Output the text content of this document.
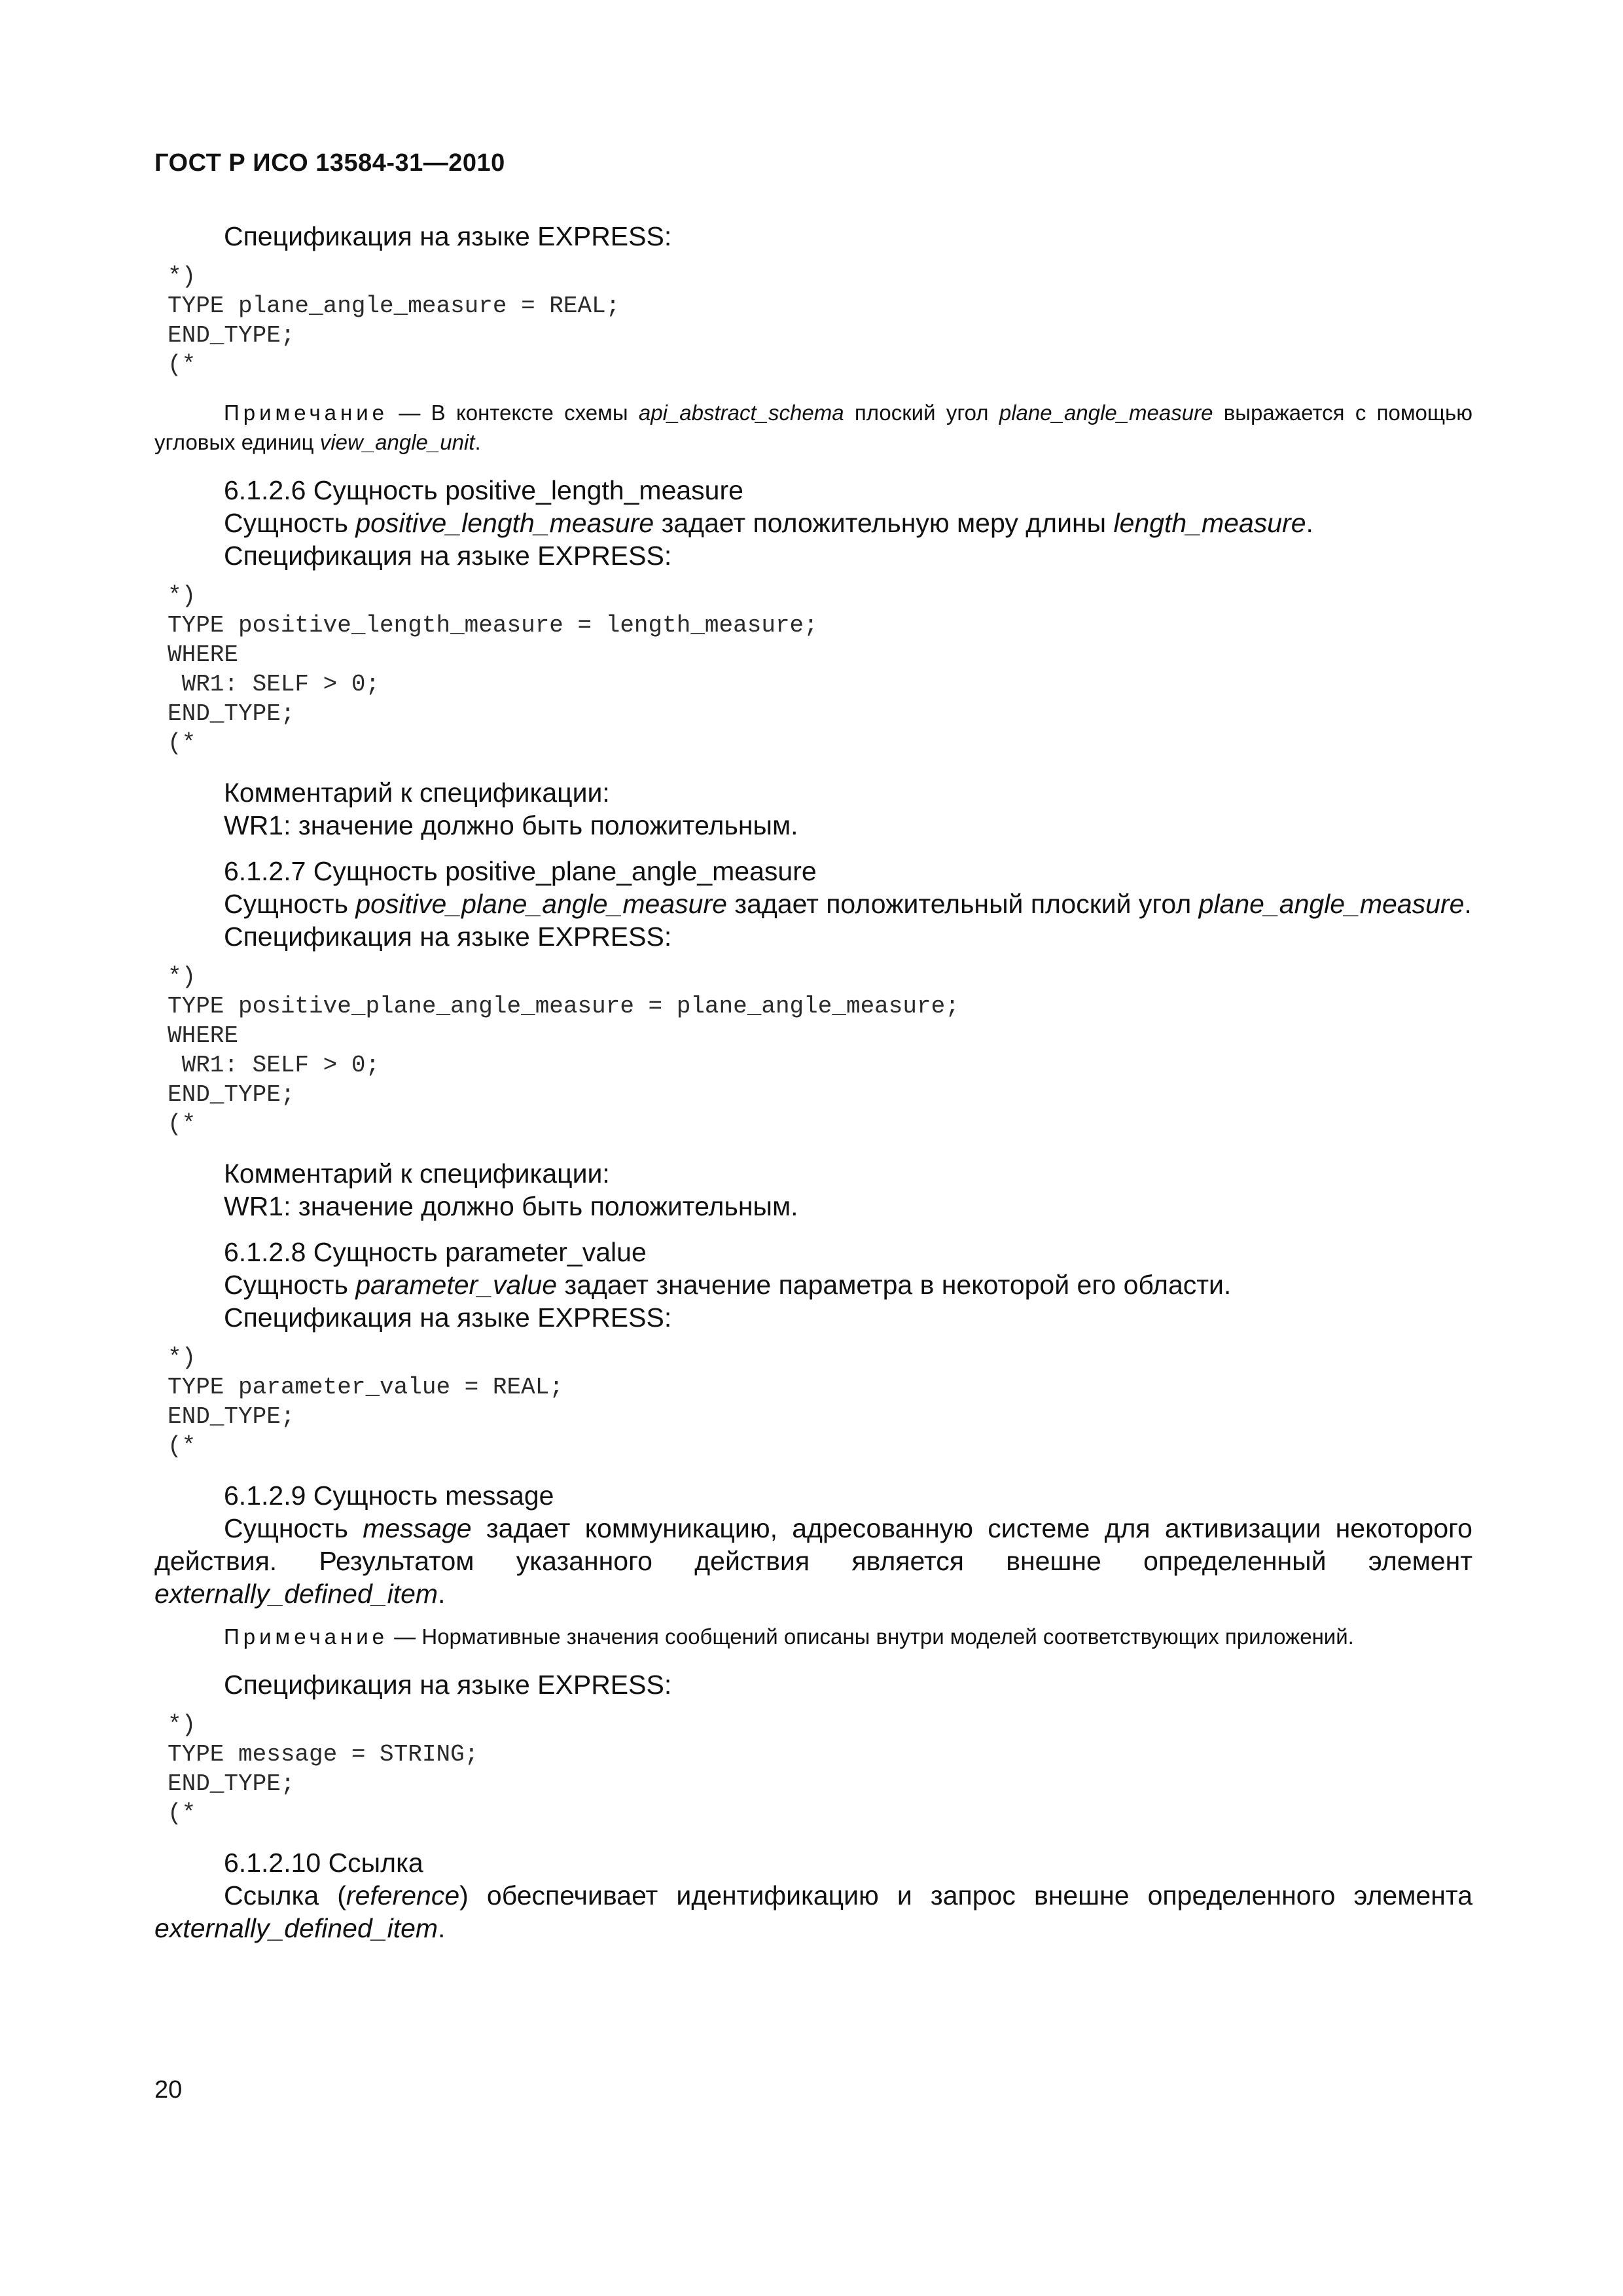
ГОСТ Р ИСО 13584-31—2010

Спецификация на языке EXPRESS:

*)
TYPE plane_angle_measure = REAL;
END_TYPE;
(*

Примечание — В контексте схемы api_abstract_schema плоский угол plane_angle_measure выражается с помощью угловых единиц view_angle_unit.

6.1.2.6 Сущность positive_length_measure

Сущность positive_length_measure задает положительную меру длины length_measure.

Спецификация на языке EXPRESS:

*)
TYPE positive_length_measure = length_measure;
WHERE
WR1: SELF > 0;
END_TYPE;
(*

Комментарий к спецификации:

WR1: значение должно быть положительным.

6.1.2.7 Сущность positive_plane_angle_measure

Сущность positive_plane_angle_measure задает положительный плоский угол plane_angle_measure.

Спецификация на языке EXPRESS:

*)
TYPE positive_plane_angle_measure = plane_angle_measure;
WHERE
WR1: SELF > 0;
END_TYPE;
(*

Комментарий к спецификации:

WR1: значение должно быть положительным.

6.1.2.8 Сущность parameter_value

Сущность parameter_value задает значение параметра в некоторой его области.

Спецификация на языке EXPRESS:

*)
TYPE parameter_value = REAL;
END_TYPE;
(*

6.1.2.9 Сущность message

Сущность message задает коммуникацию, адресованную системе для активизации некоторого действия. Результатом указанного действия является внешне определенный элемент externally_defined_item.

Примечание — Нормативные значения сообщений описаны внутри моделей соответствующих приложений.

Спецификация на языке EXPRESS:

*)
TYPE message = STRING;
END_TYPE;
(*

6.1.2.10 Ссылка

Ссылка (reference) обеспечивает идентификацию и запрос внешне определенного элемента externally_defined_item.

20
